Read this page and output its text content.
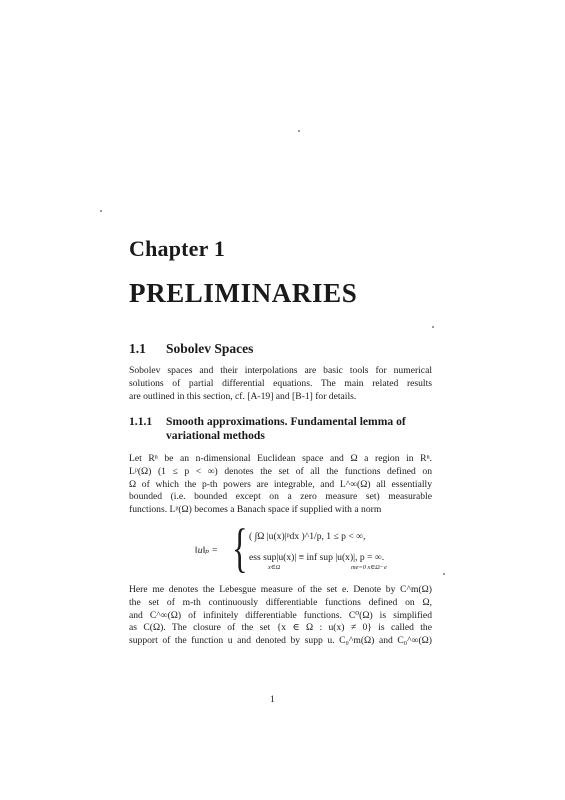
Chapter 1
PRELIMINARIES
1.1 Sobolev Spaces

Sobolev spaces and their interpolations are basic tools for numerical
solutions of partial differential equations. The main related results
are outlined in this section, cf. [A-19] and [B-1] for details.

1.1.1 Smooth approximations. Fundamental lemma of
variational methods

Let Rⁿ be an n-dimensional Euclidean space and Ω a region in Rⁿ.
Lᵖ(Ω) (1 ≤ p < ∞) denotes the set of all the functions defined on
Ω of which the p-th powers are integrable, and L^∞(Ω) all essentially
bounded (i.e. bounded except on a zero measure set) measurable
functions. Lᵖ(Ω) becomes a Banach space if supplied with a norm

‖u‖ₚ = { ( ∫Ω |u(x)|ᵖdx )^1/p, 1 ≤ p < ∞,
ess sup|u(x)| ≡ inf sup |u(x)|, p = ∞.
x∈Ω	me=0 x∈Ω−e

Here me denotes the Lebesgue measure of the set e. Denote by C^m(Ω)
the set of m-th continuously differentiable functions defined on Ω,
and C^∞(Ω) of infinitely differentiable functions. C⁰(Ω) is simplified
as C(Ω). The closure of the set {x ∈ Ω : u(x) ≠ 0} is called the
support of the function u and denoted by supp u. C₀^m(Ω) and C₀^∞(Ω)

1
